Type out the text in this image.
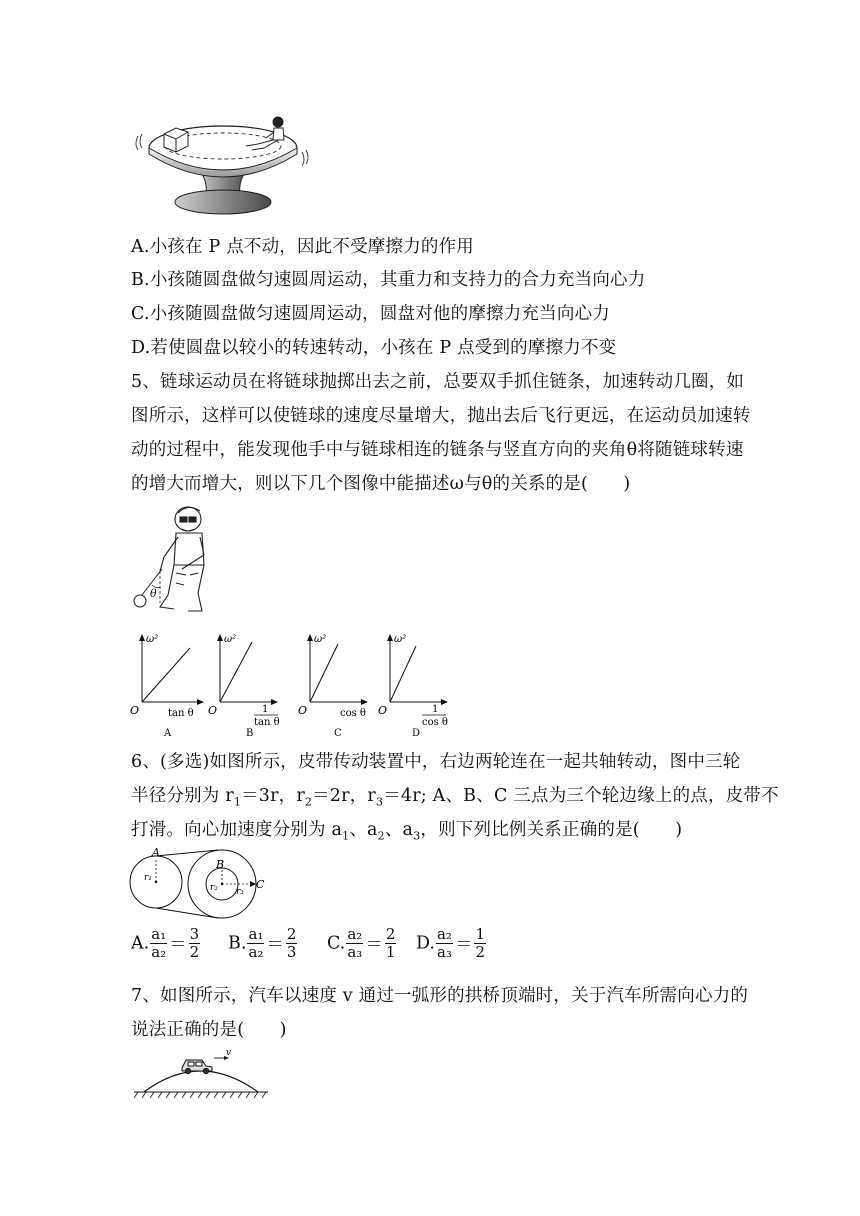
A.小孩在 P 点不动，因此不受摩擦力的作用
B.小孩随圆盘做匀速圆周运动，其重力和支持力的合力充当向心力
C.小孩随圆盘做匀速圆周运动，圆盘对他的摩擦力充当向心力
D.若使圆盘以较小的转速转动，小孩在 P 点受到的摩擦力不变
5、链球运动员在将链球抛掷出去之前，总要双手抓住链条，加速转动几圈，如
图所示，这样可以使链球的速度尽量增大，抛出去后飞行更远，在运动员加速转
动的过程中，能发现他手中与链球相连的链条与竖直方向的夹角θ将随链球转速
的增大而增大，则以下几个图像中能描述ω与θ的关系的是(　　)
θ
ω²
O	tan θ
A
ω²
O	1
tan θ
B
ω²
O	cos θ
C
ω²
O	1
cos θ
D
6、(多选)如图所示，皮带传动装置中，右边两轮连在一起共轴转动，图中三轮
半径分别为 $r_1=3r$，$r_2=2r$，$r_3=4r$; A、B、C 三点为三个轮边缘上的点，皮带不
打滑。向心加速度分别为 $a_1$、$a_2$、$a_3$，则下列比例关系正确的是(　　)
A
B
C
r₁
r₂ r₃
A. $\frac{\text{a₁}}{\text{a₂}} = \frac{3}{2} B$. $\frac{\text{a₁}}{\text{a₂}} = \frac{2}{3} C$. $\frac{\text{a₂}}{\text{a₃}} = \frac{2}{1} D$. $\frac{\text{a₂}}{\text{a₃}} = \frac{1}{2}$
7、如图所示，汽车以速度 v 通过一弧形的拱桥顶端时，关于汽车所需向心力的
说法正确的是(　　)
v
